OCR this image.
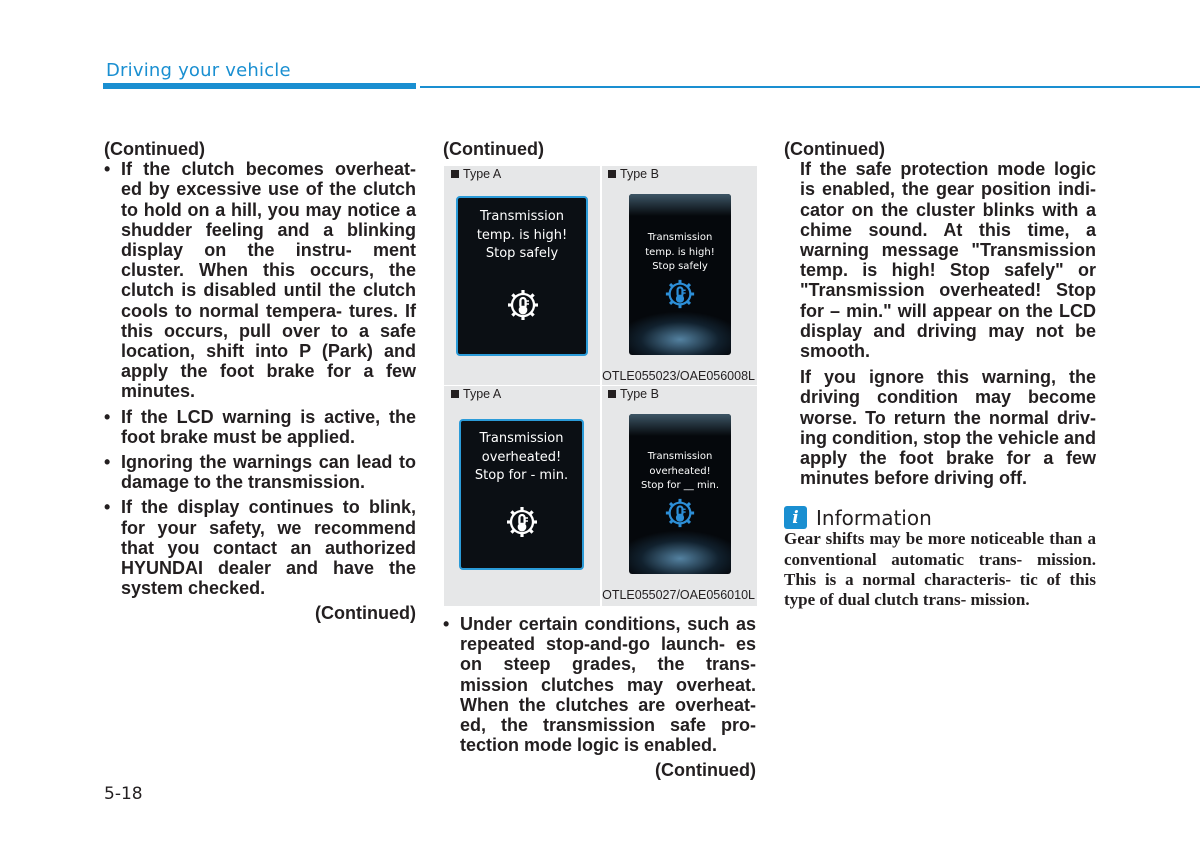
Driving your vehicle

(Continued)

• If the clutch becomes overheat- ed by excessive use of the clutch to hold on a hill, you may notice a shudder feeling and a blinking display on the instru- ment cluster. When this occurs, the clutch is disabled until the clutch cools to normal tempera- tures. If this occurs, pull over to a safe location, shift into P (Park) and apply the foot brake for a few minutes.
• If the LCD warning is active, the foot brake must be applied.
• Ignoring the warnings can lead to damage to the transmission.
• If the display continues to blink, for your safety, we recommend that you contact an authorized HYUNDAI dealer and have the system checked.

(Continued)

(Continued)

Type A	Type B
Transmission
temp. is high!
Stop safely
Transmission
temp. is high!
Stop safely
OTLE055023/OAE056008L
Type A	Type B
Transmission
overheated!
Stop for - min.
Transmission
overheated!
Stop for __ min.
OTLE055027/OAE056010L
• Under certain conditions, such as repeated stop-and-go launch- es on steep grades, the trans- mission clutches may overheat. When the clutches are overheat- ed, the transmission safe pro- tection mode logic is enabled.

(Continued)

(Continued)

If the safe protection mode logic is enabled, the gear position indi- cator on the cluster blinks with a chime sound. At this time, a warning message "Transmission temp. is high! Stop safely" or "Transmission overheated! Stop for – min." will appear on the LCD display and driving may not be smooth.

If you ignore this warning, the driving condition may become worse. To return the normal driv- ing condition, stop the vehicle and apply the foot brake for a few minutes before driving off.

i Information

Gear shifts may be more noticeable than a conventional automatic trans- mission. This is a normal characteris- tic of this type of dual clutch trans- mission.

5-18
